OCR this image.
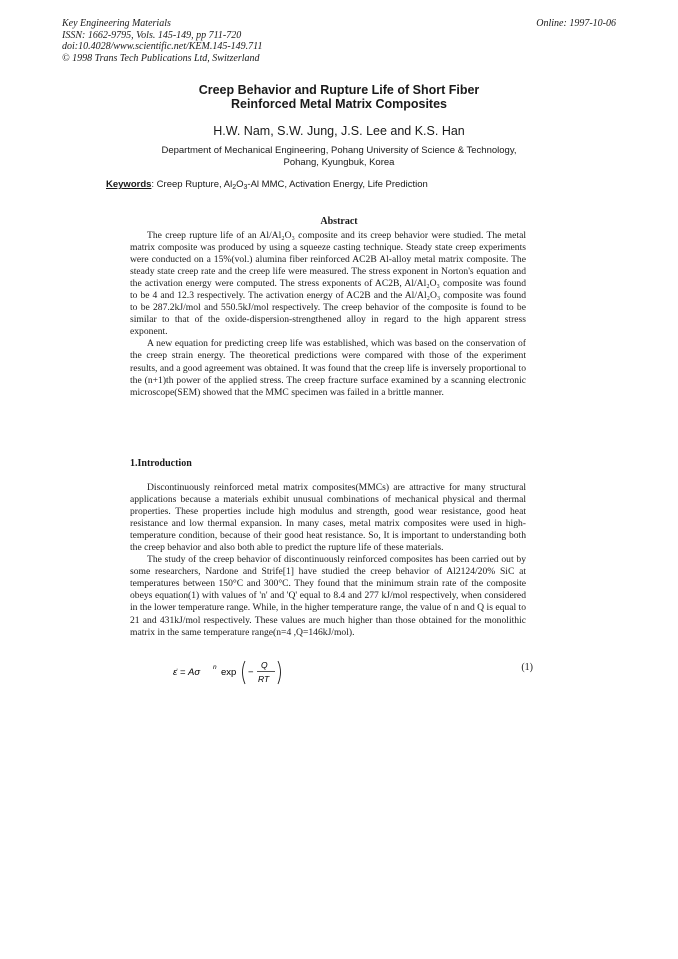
Key Engineering Materials
ISSN: 1662-9795, Vols. 145-149, pp 711-720
doi:10.4028/www.scientific.net/KEM.145-149.711
© 1998 Trans Tech Publications Ltd, Switzerland
Online: 1997-10-06
Creep Behavior and Rupture Life of Short Fiber
Reinforced Metal Matrix Composites
H.W. Nam, S.W. Jung, J.S. Lee and K.S. Han
Department of Mechanical Engineering, Pohang University of Science & Technology,
Pohang, Kyungbuk, Korea
Keywords: Creep Rupture, $Al_2O_3-Al$ MMC, Activation Energy, Life Prediction
Abstract

The creep rupture life of an Al/Al₂O₃ composite and its creep behavior were studied. The metal matrix composite was produced by using a squeeze casting technique. Steady state creep experiments were conducted on a 15%(vol.) alumina fiber reinforced AC2B Al-alloy metal matrix composite. The steady state creep rate and the creep life were measured. The stress exponent in Norton's equation and the activation energy were computed. The stress exponents of AC2B, Al/Al₂O₃ composite was found to be 4 and 12.3 respectively. The activation energy of AC2B and the Al/Al₂O₃ composite was found to be 287.2kJ/mol and 550.5kJ/mol respectively. The creep behavior of the composite is found to be similar to that of the oxide-dispersion-strengthened alloy in regard to the high apparent stress exponent.

A new equation for predicting creep life was established, which was based on the conservation of the creep strain energy. The theoretical predictions were compared with those of the experiment results, and a good agreement was obtained. It was found that the creep life is inversely proportional to the (n+1)th power of the applied stress. The creep fracture surface examined by a scanning electronic microscope(SEM) showed that the MMC specimen was failed in a brittle manner.

1.Introduction

Discontinuously reinforced metal matrix composites(MMCs) are attractive for many structural applications because a materials exhibit unusual combinations of mechanical physical and thermal properties. These properties include high modulus and strength, good wear resistance, good heat resistance and low thermal expansion. In many cases, metal matrix composites were used in high-temperature condition, because of their good heat resistance. So, It is important to understanding both the creep behavior and also both able to predict the rupture life of these materials.

The study of the creep behavior of discontinuously reinforced composites has been carried out by some researchers, Nardone and Strife[1] have studied the creep behavior of Al2124/20% SiC at temperatures between 150°C and 300°C. They found that the minimum strain rate of the composite obeys equation(1) with values of 'n' and 'Q' equal to 8.4 and 277 kJ/mol respectively, when considered in the lower temperature range. While, in the higher temperature range, the value of n and Q is equal to 21 and 431kJ/mol respectively. These values are much higher than those obtained for the monolithic matrix in the same temperature range(n=4 ,Q=146kJ/mol).

ε̇ = Aσ n exp −
Q
RT
(1)
